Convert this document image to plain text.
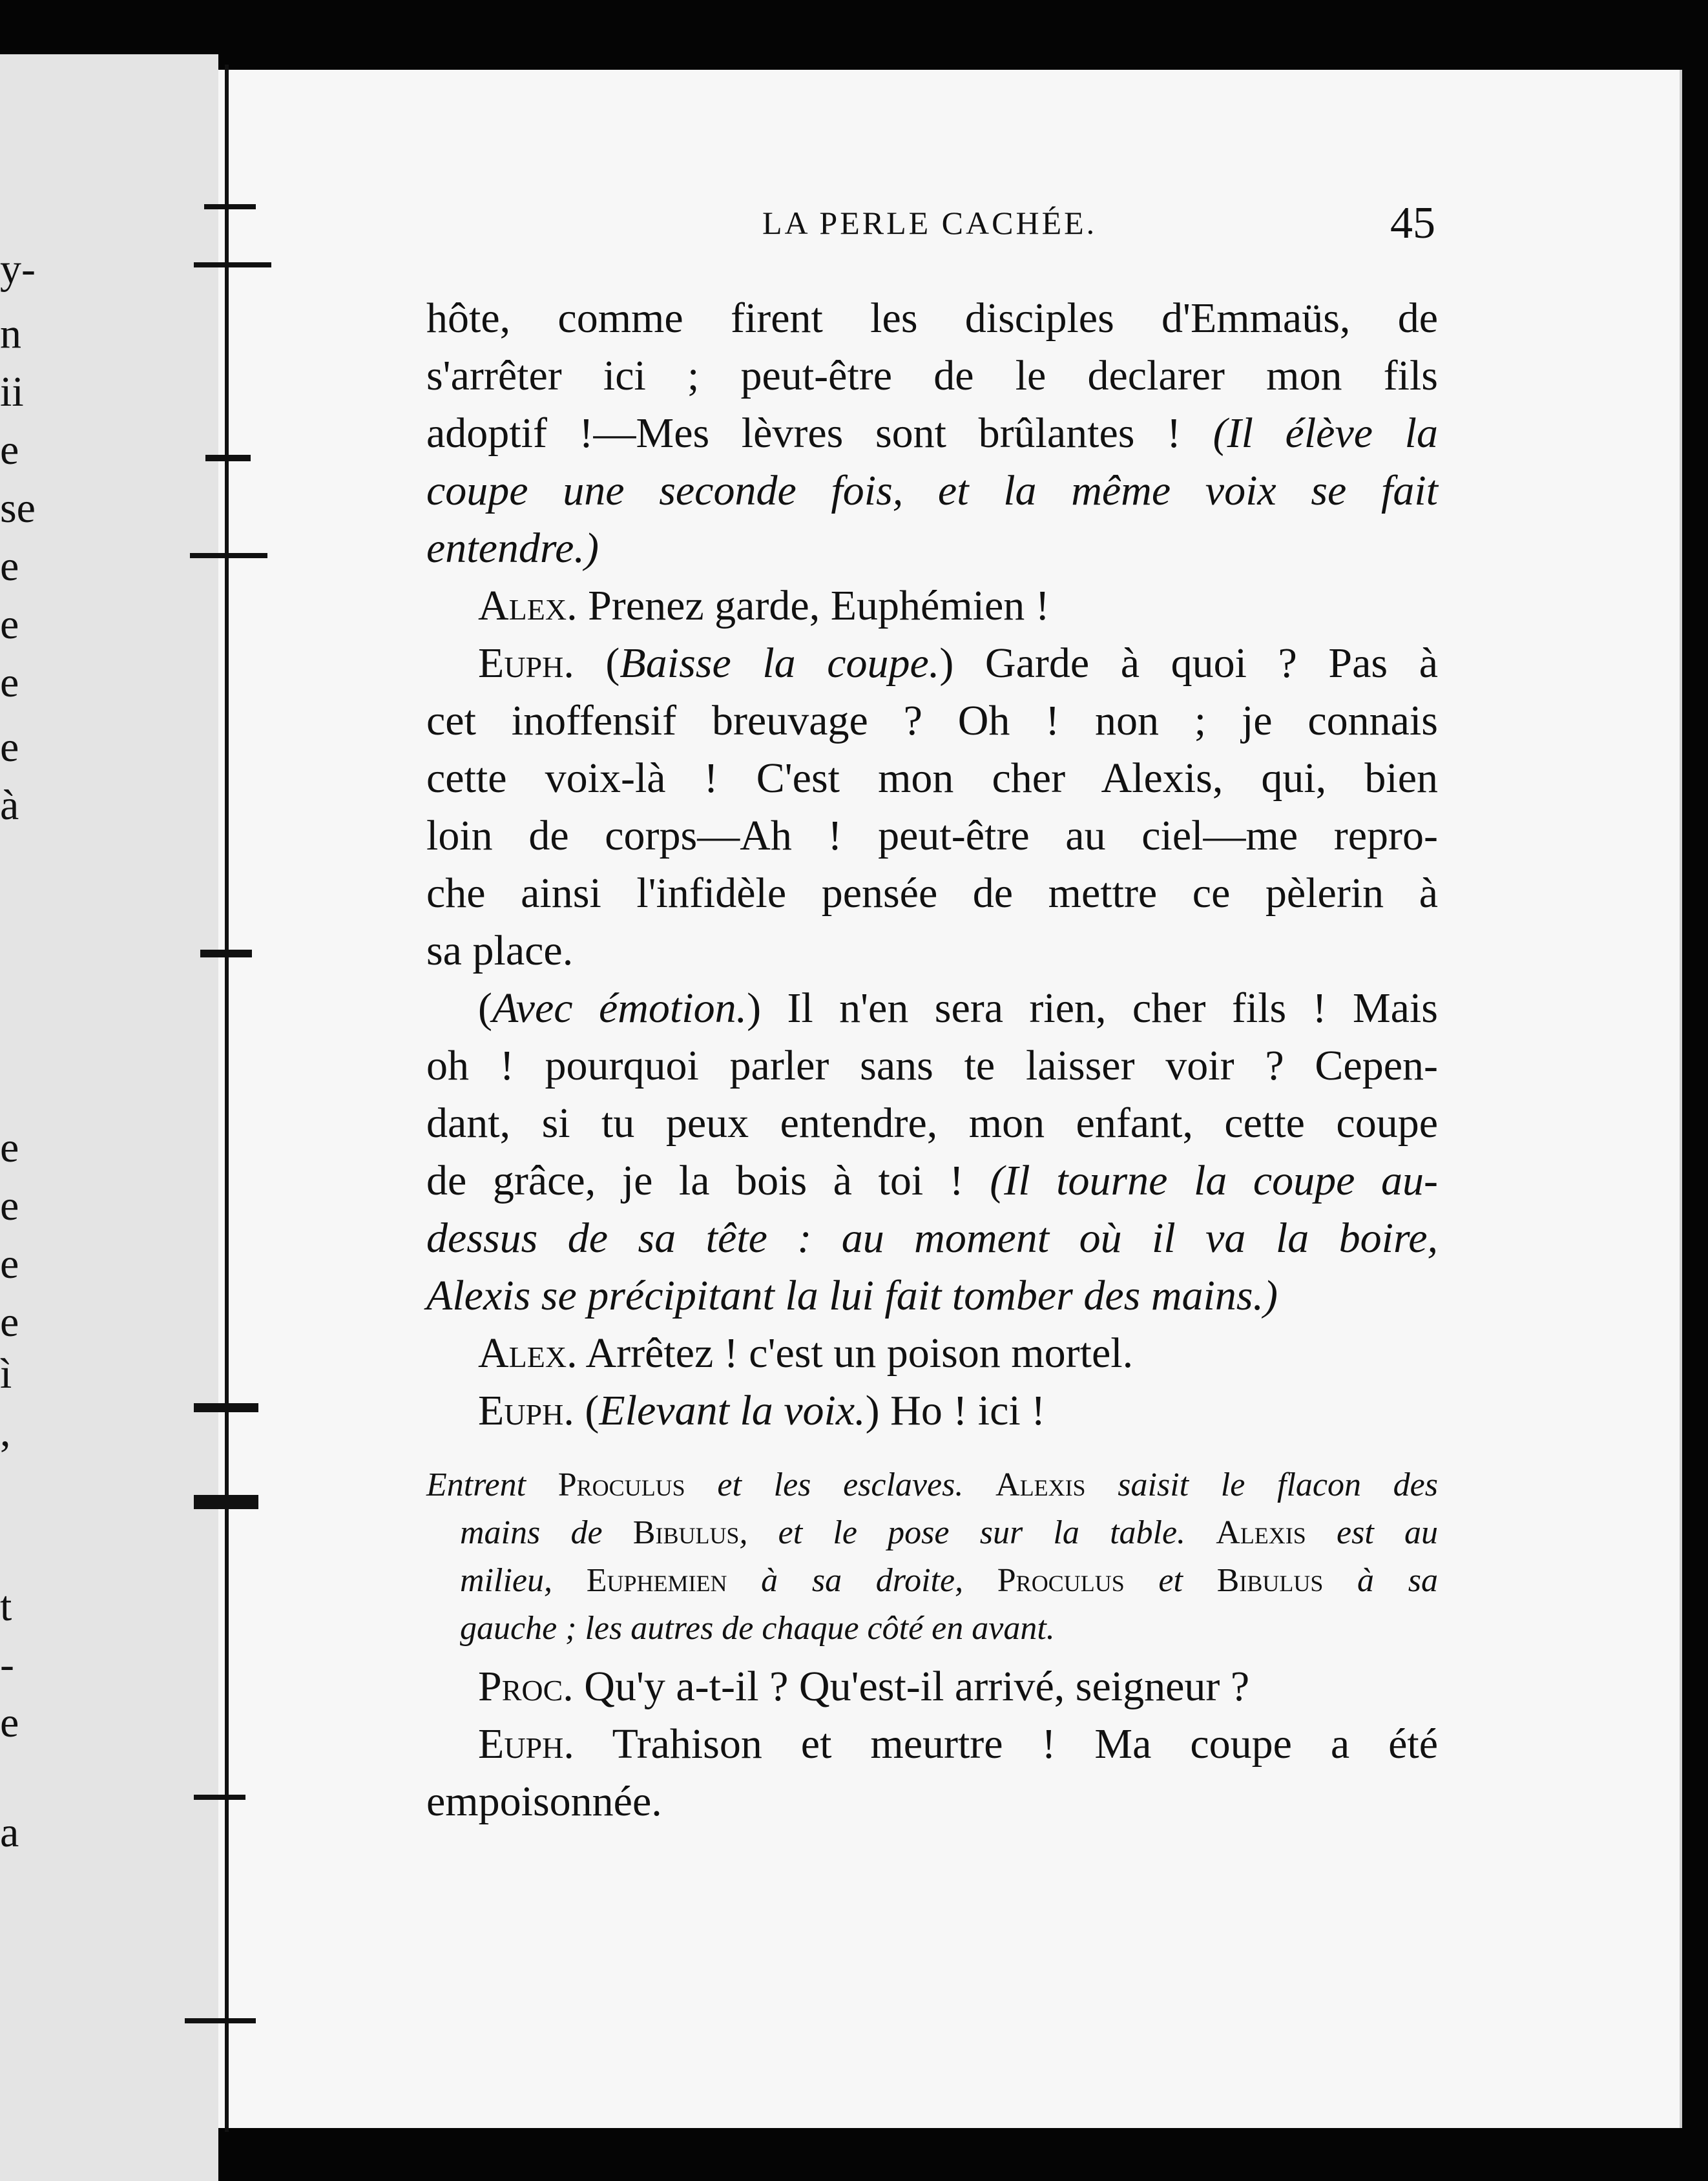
y-
n
ii
e
se
e
e
e
e
à
e
e
e
e
ì
,
t
-
e
a
LA PERLE CACHÉE.	45
hôte, comme firent les disciples d'Emmaüs, de
s'arrêter ici ; peut-être de le declarer mon fils
adoptif !—Mes lèvres sont brûlantes ! (Il élève la
coupe une seconde fois, et la même voix se fait
entendre.)
Alex. Prenez garde, Euphémien !
Euph. (Baisse la coupe.) Garde à quoi ? Pas à
cet inoffensif breuvage ? Oh ! non ; je connais
cette voix-là ! C'est mon cher Alexis, qui, bien
loin de corps—Ah ! peut-être au ciel—me repro-
che ainsi l'infidèle pensée de mettre ce pèlerin à
sa place.
(Avec émotion.) Il n'en sera rien, cher fils ! Mais
oh ! pourquoi parler sans te laisser voir ? Cepen-
dant, si tu peux entendre, mon enfant, cette coupe
de grâce, je la bois à toi ! (Il tourne la coupe au-
dessus de sa tête : au moment où il va la boire,
Alexis se précipitant la lui fait tomber des mains.)
Alex. Arrêtez ! c'est un poison mortel.
Euph. (Elevant la voix.) Ho ! ici !
Entrent Proculus et les esclaves. Alexis saisit le flacon des
mains de Bibulus, et le pose sur la table. Alexis est au
milieu, Euphemien à sa droite, Proculus et Bibulus à sa
gauche ; les autres de chaque côté en avant.
Proc. Qu'y a-t-il ? Qu'est-il arrivé, seigneur ?
Euph. Trahison et meurtre ! Ma coupe a été
empoisonnée.
